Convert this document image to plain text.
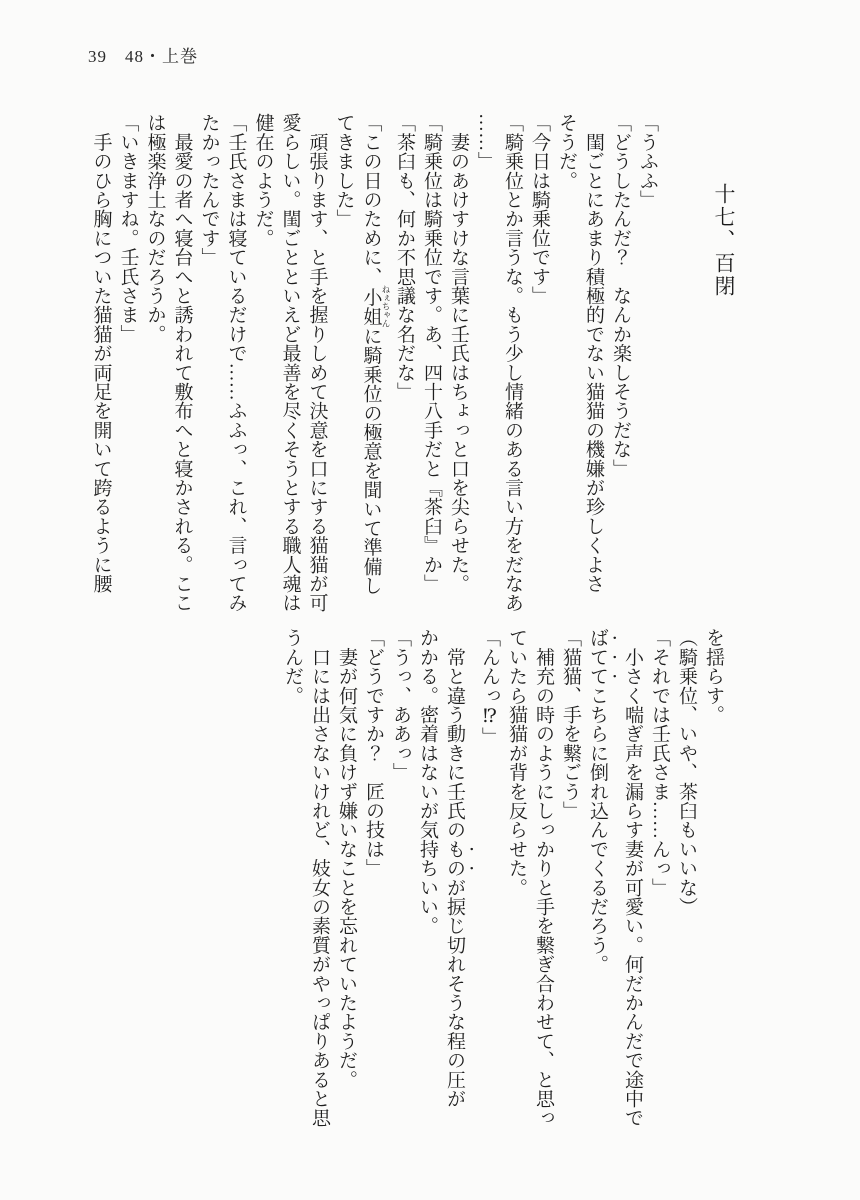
39 48・上巻
十七、百閉
「うふふ」
「どうしたんだ？　なんか楽しそうだな」
　閨ごとにあまり積極的でない猫猫の機嫌が珍しくよさ
そうだ。
「今日は騎乗位です」
「騎乗位とか言うな。もう少し情緒のある言い方をだなあ
……」
　妻のあけすけな言葉に壬氏はちょっと口を尖らせた。
「騎乗位は騎乗位です。あ、四十八手だと『茶臼』か」
「茶臼も、何か不思議な名だな」
「この日のために、小姐 ねぇちゃんに騎乗位の極意を聞いて準備し
てきました」
　頑張ります、と手を握りしめて決意を口にする猫猫が可
愛らしい。閨ごとといえど最善を尽くそうとする職人魂は
健在のようだ。
「壬氏さまは寝ているだけで……ふふっ、これ、言ってみ
たかったんです」
　最愛の者へ寝台へと誘われて敷布へと寝かされる。ここ
は極楽浄土なのだろうか。
「いきますね。壬氏さま」
　手のひら胸についた猫猫が両足を開いて跨るように腰
を揺らす。
（騎乗位、いや、茶臼もいいな）
「それでは壬氏さま……んっ」
　小さく喘ぎ声を漏らす妻が可愛い。何だかんだで途中で
ばててこちらに倒れ込んでくるだろう。
「猫猫、手を繋ごう」
　補充の時のようにしっかりと手を繋ぎ合わせて、と思っ
ていたら猫猫が背を反らせた。
「んんっ⁉」
　常と違う動きに壬氏のものが捩じ切れそうな程の圧が
かかる。密着はないが気持ちいい。
「うっ、ああっ」
「どうですか？　匠の技は」
　妻が何気に負けず嫌いなことを忘れていたようだ。
　口には出さないけれど、妓女の素質がやっぱりあると思
うんだ。
